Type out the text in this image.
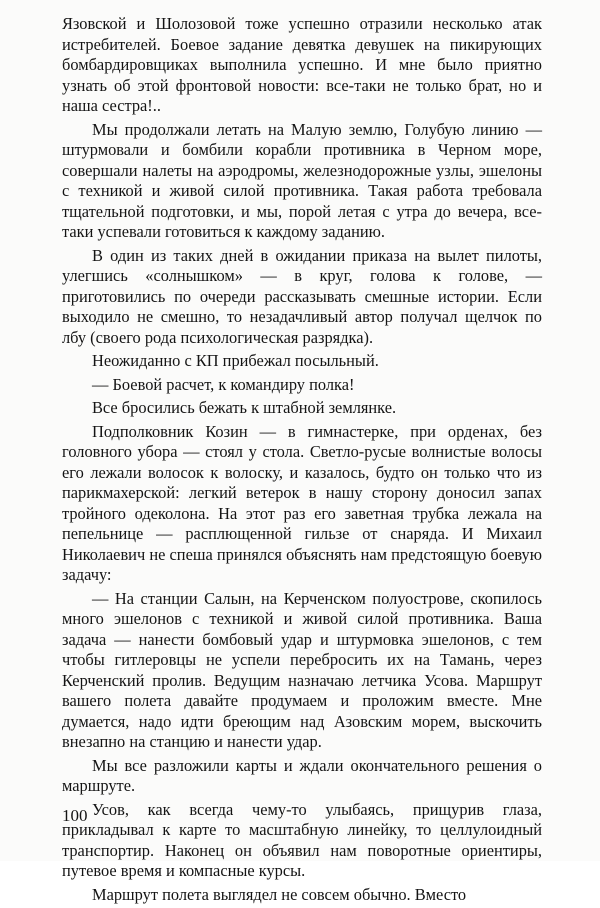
Язовской и Шолозовой тоже успешно отразили несколько атак истребителей. Боевое задание девятка девушек на пикирующих бомбардировщиках выполнила успешно. И мне было приятно узнать об этой фронтовой новости: все-таки не только брат, но и наша сестра!..

Мы продолжали летать на Малую землю, Голубую линию — штурмовали и бомбили корабли противника в Черном море, совершали налеты на аэродромы, железнодорожные узлы, эшелоны с техникой и живой силой противника. Такая работа требовала тщательной подготовки, и мы, порой летая с утра до вечера, все-таки успевали готовиться к каждому заданию.

В один из таких дней в ожидании приказа на вылет пилоты, улегшись «солнышком» — в круг, голова к голове, — приготовились по очереди рассказывать смешные истории. Если выходило не смешно, то незадачливый автор получал щелчок по лбу (своего рода психологическая разрядка).

Неожиданно с КП прибежал посыльный.

— Боевой расчет, к командиру полка!

Все бросились бежать к штабной землянке.

Подполковник Козин — в гимнастерке, при орденах, без головного убора — стоял у стола. Светло-русые волнистые волосы его лежали волосок к волоску, и казалось, будто он только что из парикмахерской: легкий ветерок в нашу сторону доносил запах тройного одеколона. На этот раз его заветная трубка лежала на пепельнице — расплющенной гильзе от снаряда. И Михаил Николаевич не спеша принялся объяснять нам предстоящую боевую задачу:

— На станции Салын, на Керченском полуострове, скопилось много эшелонов с техникой и живой силой противника. Ваша задача — нанести бомбовый удар и штурмовка эшелонов, с тем чтобы гитлеровцы не успели перебросить их на Тамань, через Керченский пролив. Ведущим назначаю летчика Усова. Маршрут вашего полета давайте продумаем и проложим вместе. Мне думается, надо идти бреющим над Азовским морем, выскочить внезапно на станцию и нанести удар.

Мы все разложили карты и ждали окончательного решения о маршруте.

Усов, как всегда чему-то улыбаясь, прищурив глаза, прикладывал к карте то масштабную линейку, то целлулоидный транспортир. Наконец он объявил нам поворотные ориентиры, путевое время и компасные курсы.

Маршрут полета выглядел не совсем обычно. Вместо

100
